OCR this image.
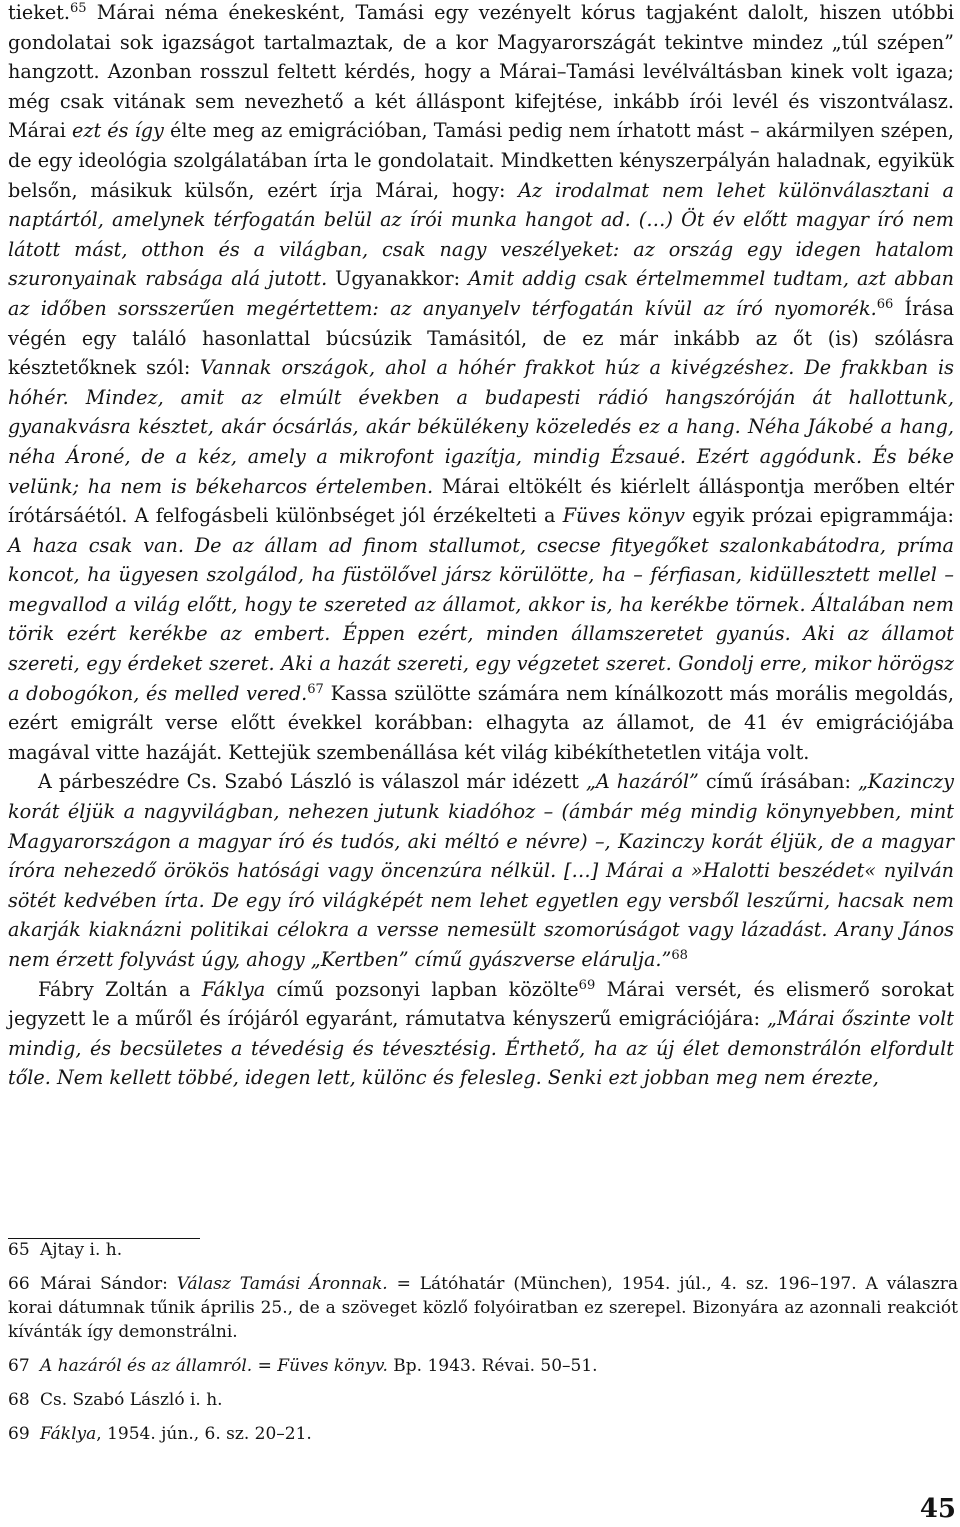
tieket.$^{65}$ Márai néma énekesként, Tamási egy vezényelt kórus tagjaként dalolt, hiszen utóbbi gondolatai sok igazságot tartalmaztak, de a kor Magyarországát tekintve mindez „túl szépen” hangzott. Azonban rosszul feltett kérdés, hogy a Márai–Tamási levélváltásban kinek volt igaza; még csak vitának sem nevezhető a két álláspont kifejtése, inkább írói levél és viszontválasz. Márai ezt és így élte meg az emigrációban, Tamási pedig nem írhatott mást – akármilyen szépen, de egy ideológia szolgálatában írta le gondolatait. Mindketten kényszerpályán haladnak, egyikük belsőn, másikuk külsőn, ezért írja Márai, hogy: Az irodalmat nem lehet különválasztani a naptártól, amelynek térfogatán belül az írói munka hangot ad. (…) Öt év előtt magyar író nem látott mást, otthon és a világban, csak nagy veszélyeket: az ország egy idegen hatalom szuronyainak rabsága alá jutott. Ugyanakkor: Amit addig csak értelmemmel tudtam, azt abban az időben sorsszerűen megértettem: az anyanyelv térfogatán kívül az író nyomorék.$^{66}$ Írása végén egy találó hasonlattal búcsúzik Tamásitól, de ez már inkább az őt (is) szólásra késztetőknek szól: Vannak országok, ahol a hóhér frakkot húz a kivégzéshez. De frakkban is hóhér. Mindez, amit az elmúlt években a budapesti rádió hangszóróján át hallottunk, gyanakvásra késztet, akár ócsárlás, akár békülékeny közeledés ez a hang. Néha Jákobé a hang, néha Ároné, de a kéz, amely a mikrofont igazítja, mindig Ézsaué. Ezért aggódunk. És béke velünk; ha nem is békeharcos értelemben. Márai eltökélt és kiérlelt álláspontja merőben eltér írótársáétól. A felfogásbeli különbséget jól érzékelteti a Füves könyv egyik prózai epigrammája: A haza csak van. De az állam ad finom stallumot, csecse fityegőket szalonkabátodra, príma koncot, ha ügyesen szolgálod, ha füstölővel jársz körülötte, ha – férfiasan, kidüllesztett mellel – megvallod a világ előtt, hogy te szereted az államot, akkor is, ha kerékbe törnek. Általában nem törik ezért kerékbe az embert. Éppen ezért, minden államszeretet gyanús. Aki az államot szereti, egy érdeket szeret. Aki a hazát szereti, egy végzetet szeret. Gondolj erre, mikor hörögsz a dobogókon, és melled vered.$^{67}$ Kassa szülötte számára nem kínálkozott más morális megoldás, ezért emigrált verse előtt évekkel korábban: elhagyta az államot, de 41 év emigrációjába magával vitte hazáját. Kettejük szembenállása két világ kibékíthetetlen vitája volt.

A párbeszédre Cs. Szabó László is válaszol már idézett „A hazáról” című írásában: „Kazinczy korát éljük a nagyvilágban, nehezen jutunk kiadóhoz – (ámbár még mindig könynyebben, mint Magyarországon a magyar író és tudós, aki méltó e névre) –, Kazinczy korát éljük, de a magyar íróra nehezedő örökös hatósági vagy öncenzúra nélkül. […] Márai a »Halotti beszédet« nyilván sötét kedvében írta. De egy író világképét nem lehet egyetlen egy versből leszűrni, hacsak nem akarják kiaknázni politikai célokra a versse nemesült szomorúságot vagy lázadást. Arany János nem érzett folyvást úgy, ahogy „Kertben” című gyászverse elárulja.”$^{68}$

Fábry Zoltán a Fáklya című pozsonyi lapban közölte$^{69}$ Márai versét, és elismerő sorokat jegyzett le a műről és írójáról egyaránt, rámutatva kényszerű emigrációjára: „Márai őszinte volt mindig, és becsületes a tévedésig és tévesztésig. Érthető, ha az új élet demonstrálón elfordult tőle. Nem kellett többé, idegen lett, különc és felesleg. Senki ezt jobban meg nem érezte,

65 Ajtay i. h.
66 Márai Sándor: Válasz Tamási Áronnak. = Látóhatár (München), 1954. júl., 4. sz. 196–197. A válaszra korai dátumnak tűnik április 25., de a szöveget közlő folyóiratban ez szerepel. Bizonyára az azonnali reakciót kívánták így demonstrálni.
67 A hazáról és az államról. = Füves könyv. Bp. 1943. Révai. 50–51.
68 Cs. Szabó László i. h.
69 Fáklya, 1954. jún., 6. sz. 20–21.
45
